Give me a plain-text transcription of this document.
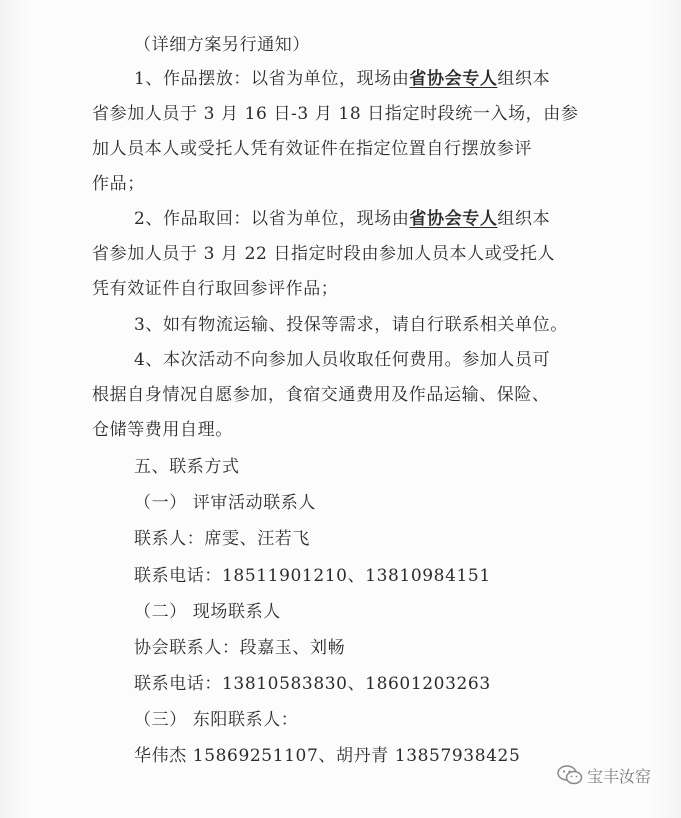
（详细方案另行通知）
1、作品摆放：以省为单位，现场由省协会专人组织本
省参加人员于 3 月 16 日-3 月 18 日指定时段统一入场，由参
加人员本人或受托人凭有效证件在指定位置自行摆放参评
作品；
2、作品取回：以省为单位，现场由省协会专人组织本
省参加人员于 3 月 22 日指定时段由参加人员本人或受托人
凭有效证件自行取回参评作品；
3、如有物流运输、投保等需求，请自行联系相关单位。
4、本次活动不向参加人员收取任何费用。参加人员可
根据自身情况自愿参加，食宿交通费用及作品运输、保险、
仓储等费用自理。
五、联系方式
（一） 评审活动联系人
联系人：席雯、汪若飞
联系电话：18511901210、13810984151
（二） 现场联系人
协会联系人：段嘉玉、刘畅
联系电话：13810583830、18601203263
（三） 东阳联系人：
华伟杰 15869251107、胡丹青 13857938425
宝丰汝窑
